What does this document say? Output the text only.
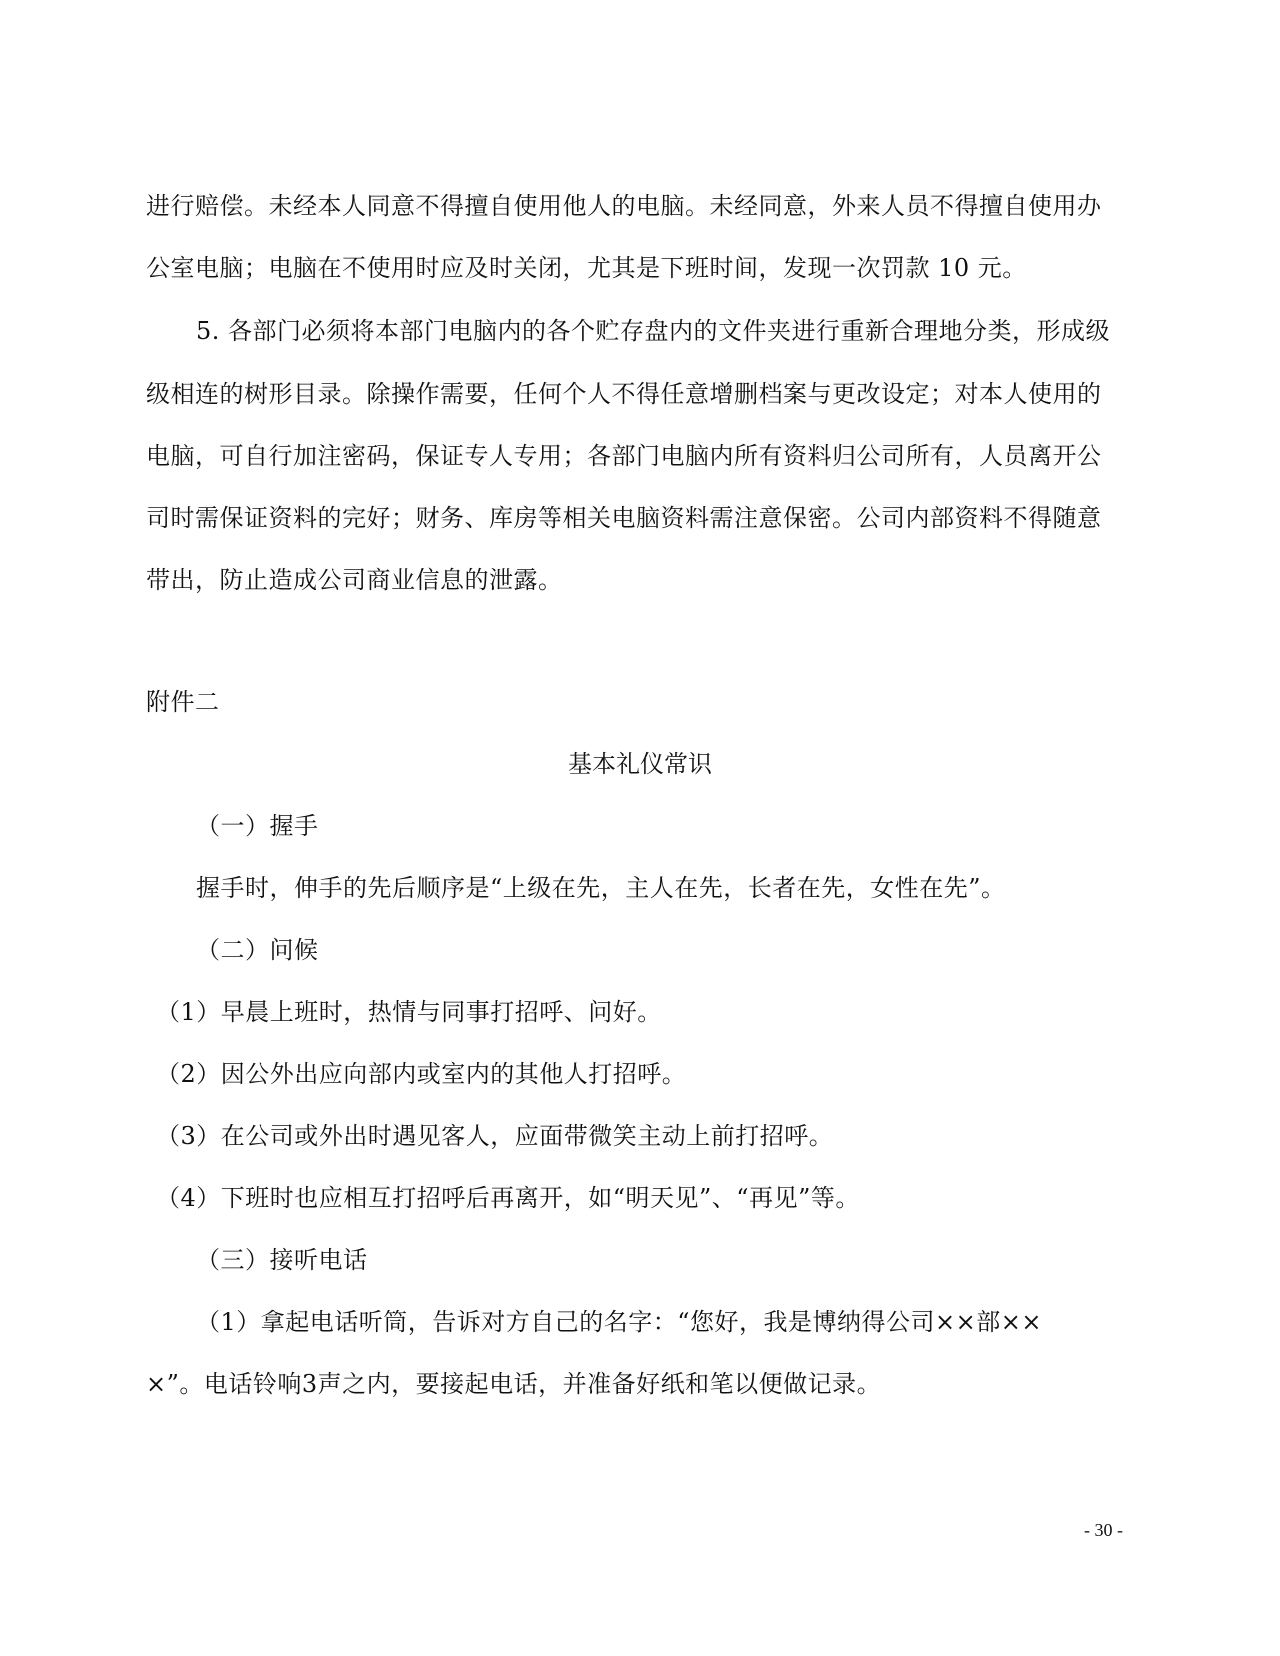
进行赔偿。未经本人同意不得擅自使用他人的电脑。未经同意，外来人员不得擅自使用办
公室电脑；电脑在不使用时应及时关闭，尤其是下班时间，发现一次罚款 10 元。
5. 各部门必须将本部门电脑内的各个贮存盘内的文件夹进行重新合理地分类，形成级
级相连的树形目录。除操作需要，任何个人不得任意增删档案与更改设定；对本人使用的
电脑，可自行加注密码，保证专人专用；各部门电脑内所有资料归公司所有，人员离开公
司时需保证资料的完好；财务、库房等相关电脑资料需注意保密。公司内部资料不得随意
带出，防止造成公司商业信息的泄露。
附件二
基本礼仪常识
（一）握手
握手时，伸手的先后顺序是“上级在先，主人在先，长者在先，女性在先”。
（二）问候
（1）早晨上班时，热情与同事打招呼、问好。
（2）因公外出应向部内或室内的其他人打招呼。
（3）在公司或外出时遇见客人，应面带微笑主动上前打招呼。
（4）下班时也应相互打招呼后再离开，如“明天见”、“再见”等。
（三）接听电话
（1）拿起电话听筒，告诉对方自己的名字：“您好，我是博纳得公司××部××
×”。电话铃响3声之内，要接起电话，并准备好纸和笔以便做记录。
- 30 -
